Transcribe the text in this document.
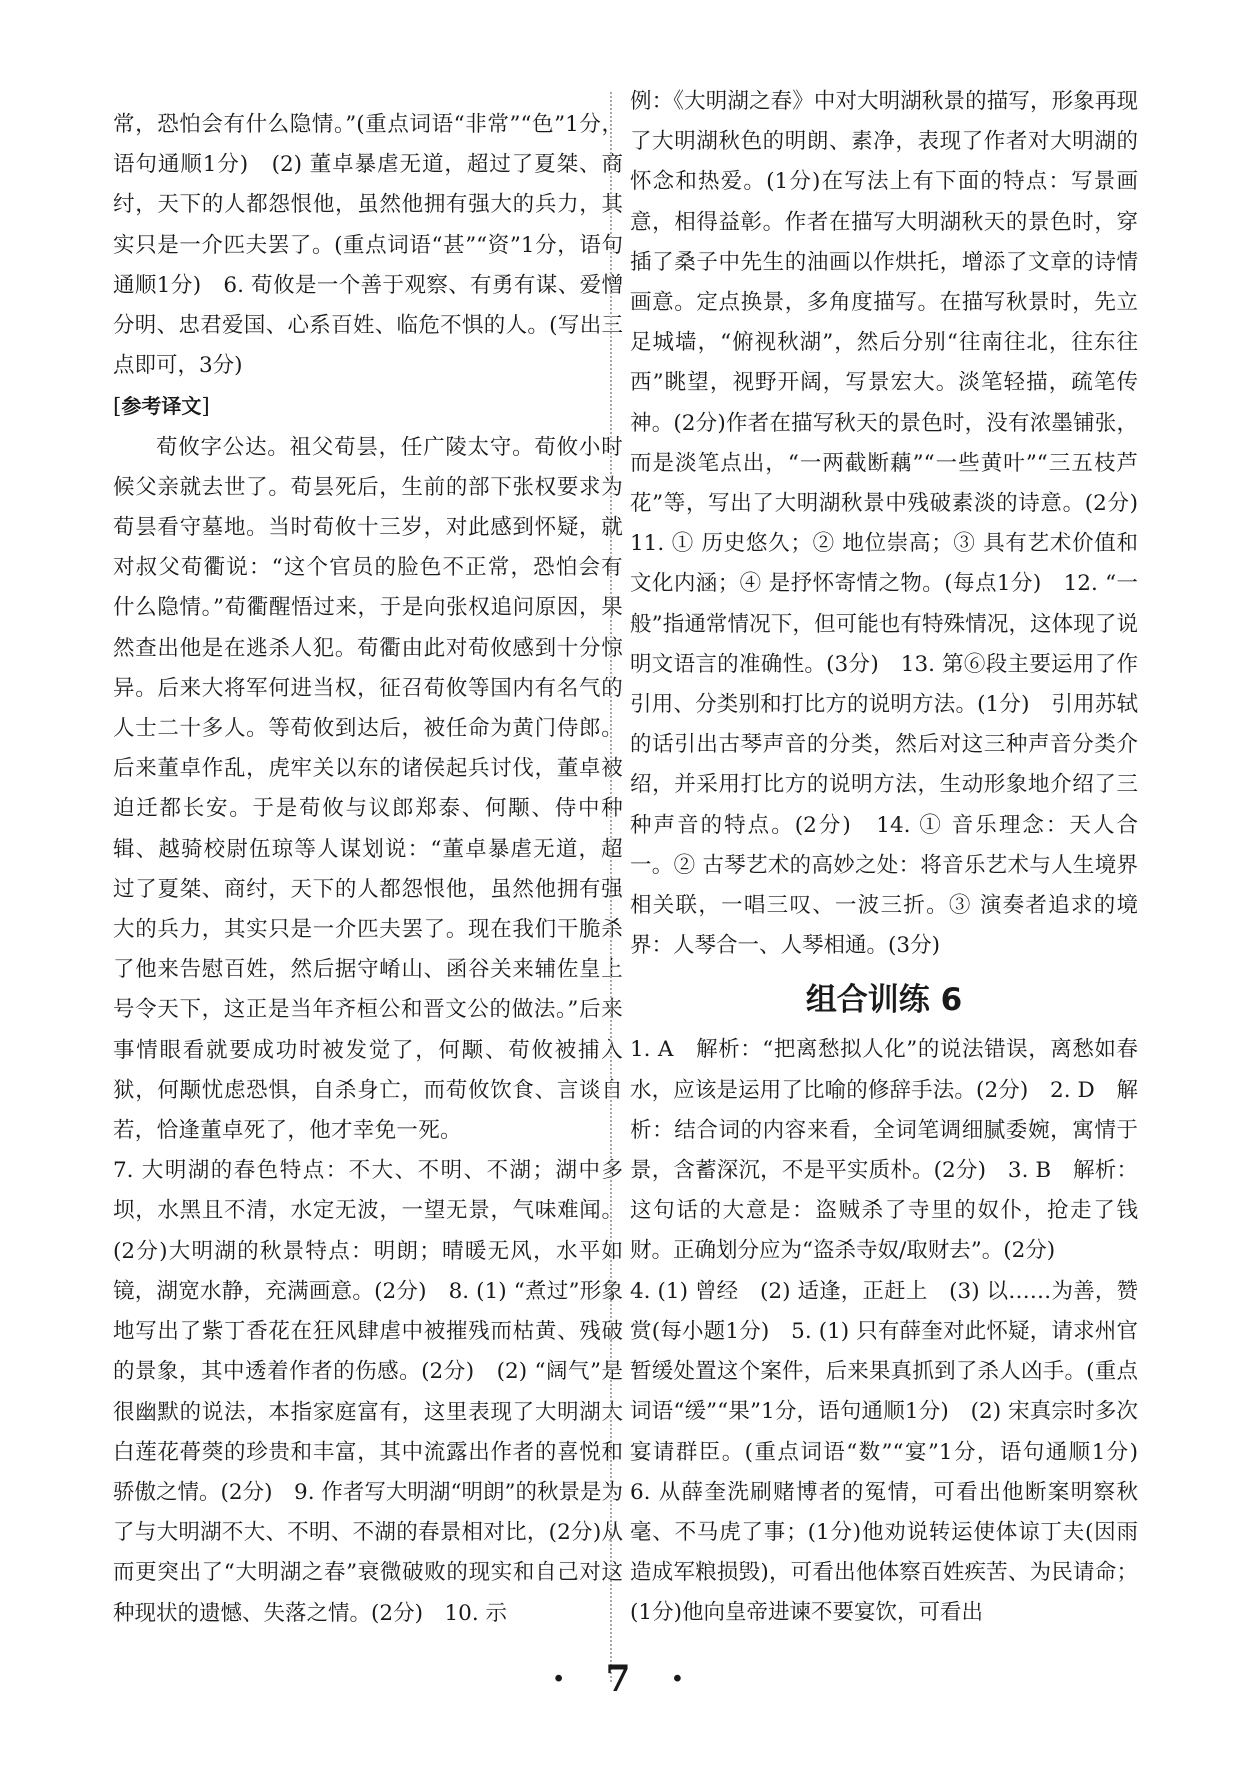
常，恐怕会有什么隐情。”(重点词语“非常”“色”1分，语句通顺1分)　(2) 董卓暴虐无道，超过了夏桀、商纣，天下的人都怨恨他，虽然他拥有强大的兵力，其实只是一介匹夫罢了。(重点词语“甚”“资”1分，语句通顺1分)　6. 荀攸是一个善于观察、有勇有谋、爱憎分明、忠君爱国、心系百姓、临危不惧的人。(写出三点即可，3分)

[参考译文]

荀攸字公达。祖父荀昙，任广陵太守。荀攸小时候父亲就去世了。荀昙死后，生前的部下张权要求为荀昙看守墓地。当时荀攸十三岁，对此感到怀疑，就对叔父荀衢说：“这个官员的脸色不正常，恐怕会有什么隐情。”荀衢醒悟过来，于是向张权追问原因，果然查出他是在逃杀人犯。荀衢由此对荀攸感到十分惊异。后来大将军何进当权，征召荀攸等国内有名气的人士二十多人。等荀攸到达后，被任命为黄门侍郎。后来董卓作乱，虎牢关以东的诸侯起兵讨伐，董卓被迫迁都长安。于是荀攸与议郎郑泰、何颙、侍中种辑、越骑校尉伍琼等人谋划说：“董卓暴虐无道，超过了夏桀、商纣，天下的人都怨恨他，虽然他拥有强大的兵力，其实只是一介匹夫罢了。现在我们干脆杀了他来告慰百姓，然后据守崤山、函谷关来辅佐皇上号令天下，这正是当年齐桓公和晋文公的做法。”后来事情眼看就要成功时被发觉了，何颙、荀攸被捕入狱，何颙忧虑恐惧，自杀身亡，而荀攸饮食、言谈自若，恰逢董卓死了，他才幸免一死。

7. 大明湖的春色特点：不大、不明、不湖；湖中多坝，水黑且不清，水定无波，一望无景，气味难闻。(2分)大明湖的秋景特点：明朗；晴暖无风，水平如镜，湖宽水静，充满画意。(2分)　8. (1) “煮过”形象地写出了紫丁香花在狂风肆虐中被摧残而枯黄、残破的景象，其中透着作者的伤感。(2分)　(2) “阔气”是很幽默的说法，本指家庭富有，这里表现了大明湖大白莲花蓇葖的珍贵和丰富，其中流露出作者的喜悦和骄傲之情。(2分)　9. 作者写大明湖“明朗”的秋景是为了与大明湖不大、不明、不湖的春景相对比，(2分)从而更突出了“大明湖之春”衰微破败的现实和自己对这种现状的遗憾、失落之情。(2分)　10. 示

例：《大明湖之春》中对大明湖秋景的描写，形象再现了大明湖秋色的明朗、素净，表现了作者对大明湖的怀念和热爱。(1分)在写法上有下面的特点：写景画意，相得益彰。作者在描写大明湖秋天的景色时，穿插了桑子中先生的油画以作烘托，增添了文章的诗情画意。定点换景，多角度描写。在描写秋景时，先立足城墙，“俯视秋湖”，然后分别“往南往北，往东往西”眺望，视野开阔，写景宏大。淡笔轻描，疏笔传神。(2分)作者在描写秋天的景色时，没有浓墨铺张，而是淡笔点出，“一两截断藕”“一些黄叶”“三五枝芦花”等，写出了大明湖秋景中残破素淡的诗意。(2分)　11. ① 历史悠久；② 地位崇高；③ 具有艺术价值和文化内涵；④ 是抒怀寄情之物。(每点1分)　12. “一般”指通常情况下，但可能也有特殊情况，这体现了说明文语言的准确性。(3分)　13. 第⑥段主要运用了作引用、分类别和打比方的说明方法。(1分)　引用苏轼的话引出古琴声音的分类，然后对这三种声音分类介绍，并采用打比方的说明方法，生动形象地介绍了三种声音的特点。(2分)　14. ① 音乐理念：天人合一。② 古琴艺术的高妙之处：将音乐艺术与人生境界相关联，一唱三叹、一波三折。③ 演奏者追求的境界：人琴合一、人琴相通。(3分)

组合训练 6

1. A　解析：“把离愁拟人化”的说法错误，离愁如春水，应该是运用了比喻的修辞手法。(2分)　2. D　解析：结合词的内容来看，全词笔调细腻委婉，寓情于景，含蓄深沉，不是平实质朴。(2分)　3. B　解析：这句话的大意是：盗贼杀了寺里的奴仆，抢走了钱财。正确划分应为“盗杀寺奴/取财去”。(2分)

4. (1) 曾经　(2) 适逢，正赶上　(3) 以……为善，赞赏(每小题1分)　5. (1) 只有薛奎对此怀疑，请求州官暂缓处置这个案件，后来果真抓到了杀人凶手。(重点词语“缓”“果”1分，语句通顺1分)　(2) 宋真宗时多次宴请群臣。(重点词语“数”“宴”1分，语句通顺1分)　6. 从薛奎洗刷赌博者的冤情，可看出他断案明察秋毫、不马虎了事；(1分)他劝说转运使体谅丁夫(因雨造成军粮损毁)，可看出他体察百姓疾苦、为民请命；(1分)他向皇帝进谏不要宴饮，可看出

· 7 ·
